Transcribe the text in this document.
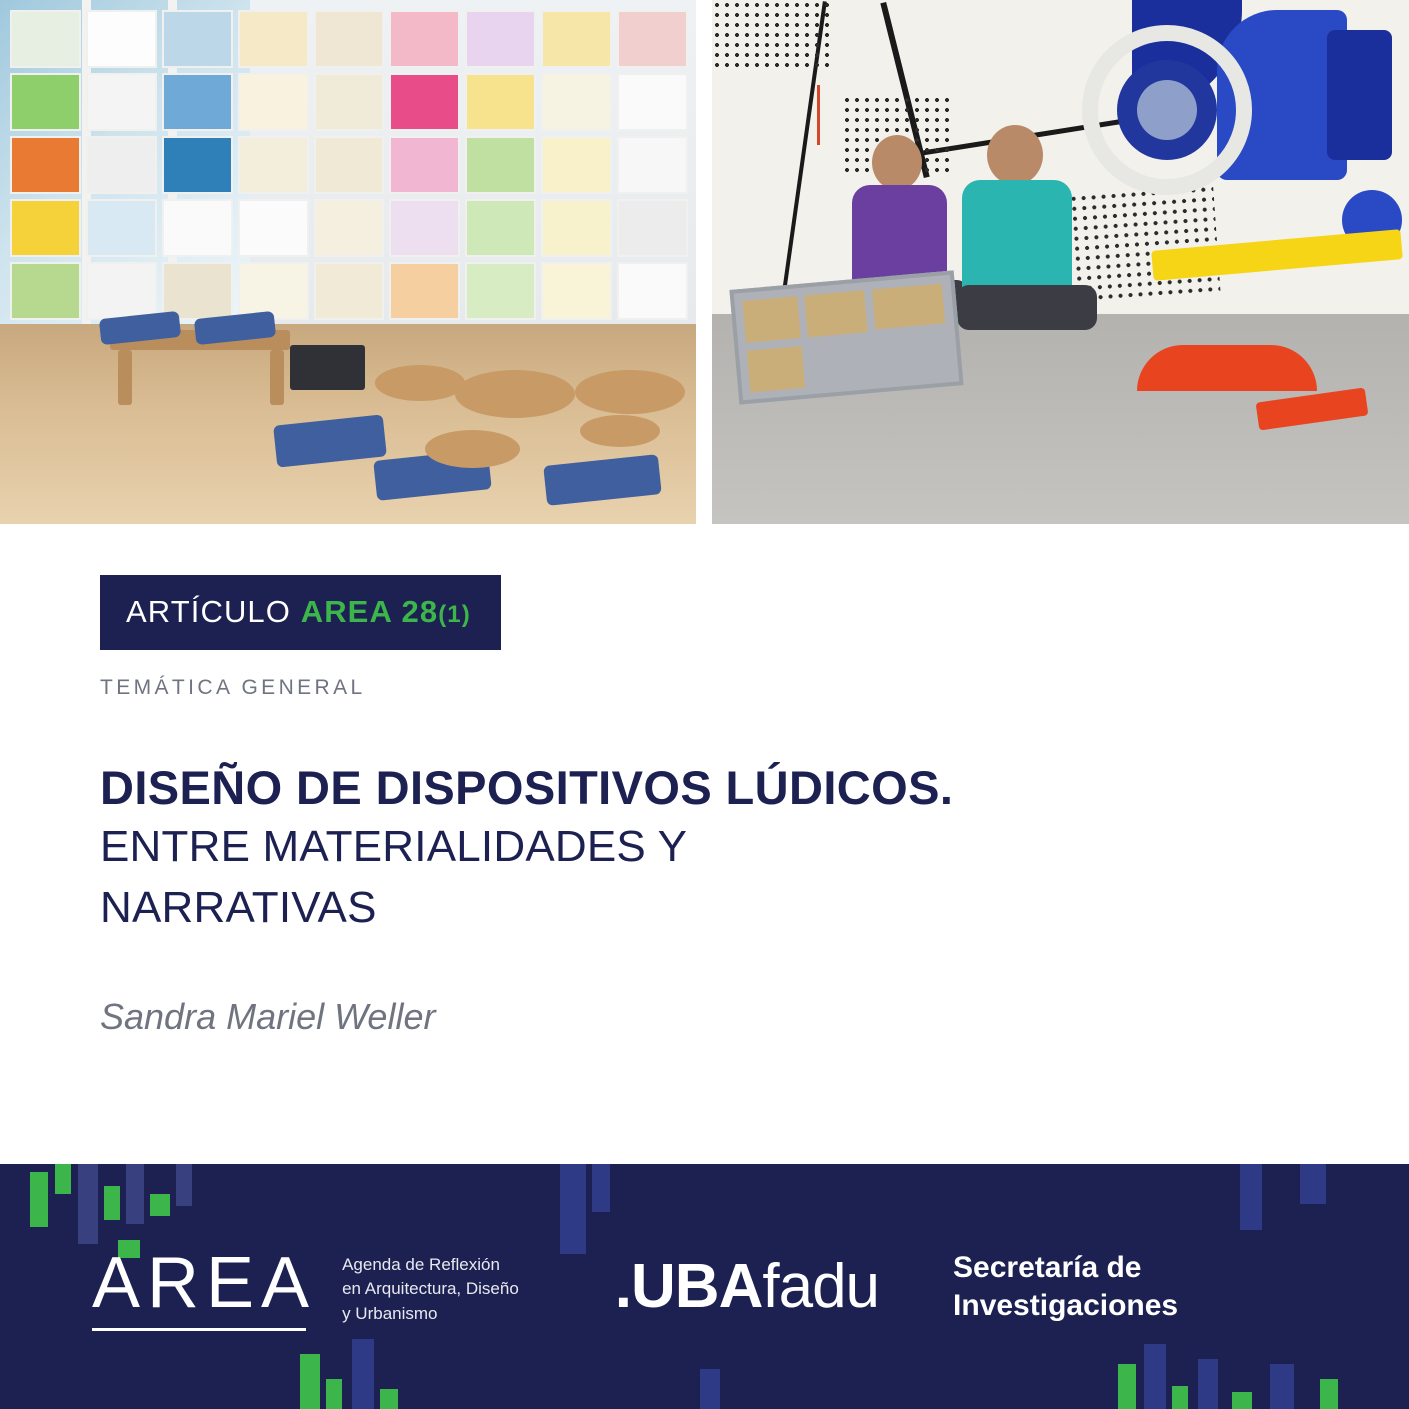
ARTÍCULO AREA 28(1)
TEMÁTICA GENERAL
DISEÑO DE DISPOSITIVOS LÚDICOS.
ENTRE MATERIALIDADES Y
NARRATIVAS
Sandra Mariel Weller
AREA Agenda de Reflexión
en Arquitectura, Diseño
y Urbanismo	.UBAfadu Secretaría de
Investigaciones
